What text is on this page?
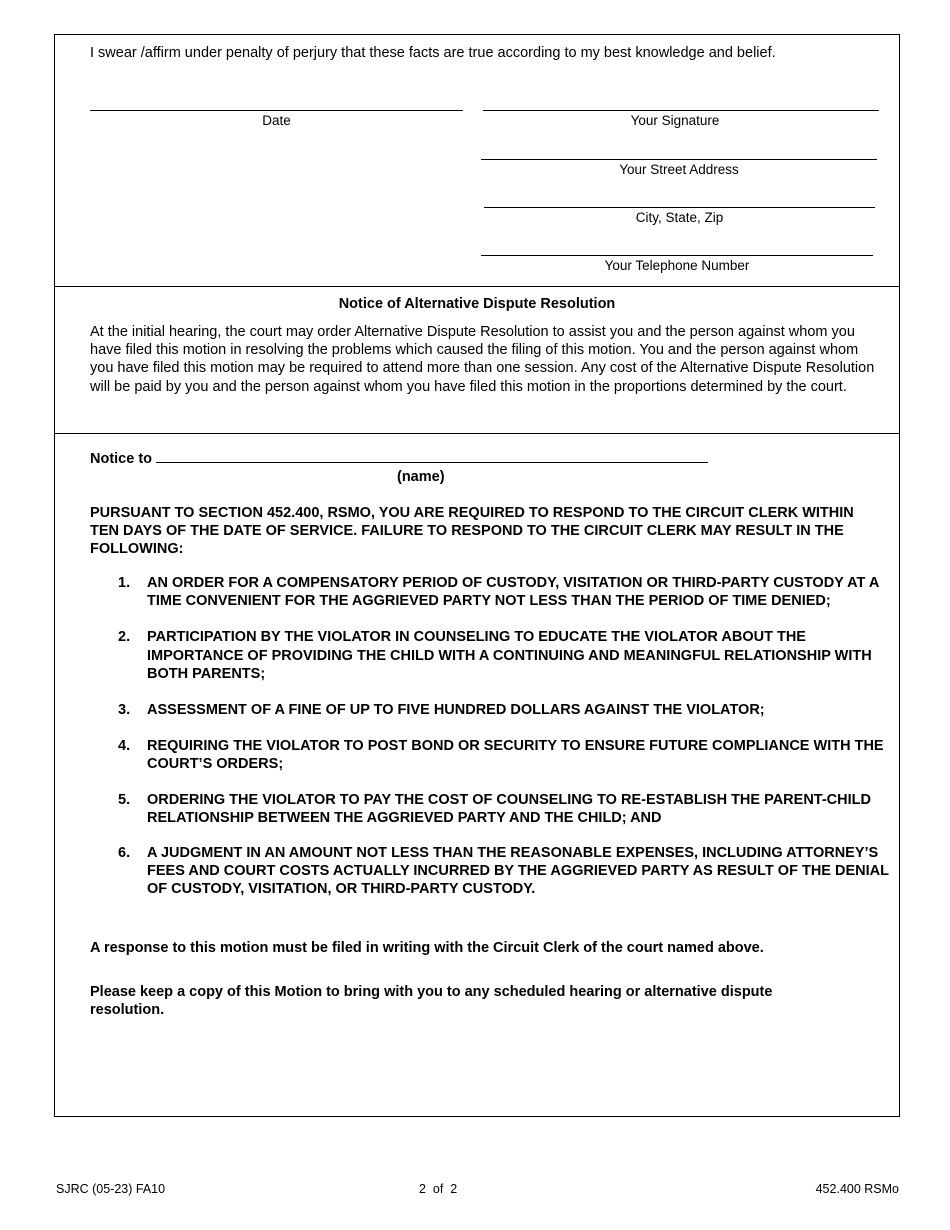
I swear /affirm under penalty of perjury that these facts are true according to my best knowledge and belief.
Date	Your Signature
Your Street Address
City, State, Zip
Your Telephone Number
Notice of Alternative Dispute Resolution
At the initial hearing, the court may order Alternative Dispute Resolution to assist you and the person against whom you have filed this motion in resolving the problems which caused the filing of this motion. You and the person against whom you have filed this motion may be required to attend more than one session. Any cost of the Alternative Dispute Resolution will be paid by you and the person against whom you have filed this motion in the proportions determined by the court.
Notice to
(name)
PURSUANT TO SECTION 452.400, RSMO, YOU ARE REQUIRED TO RESPOND TO THE CIRCUIT CLERK WITHIN TEN DAYS OF THE DATE OF SERVICE. FAILURE TO RESPOND TO THE CIRCUIT CLERK MAY RESULT IN THE FOLLOWING:
1. AN ORDER FOR A COMPENSATORY PERIOD OF CUSTODY, VISITATION OR THIRD-PARTY CUSTODY AT A TIME CONVENIENT FOR THE AGGRIEVED PARTY NOT LESS THAN THE PERIOD OF TIME DENIED;
2. PARTICIPATION BY THE VIOLATOR IN COUNSELING TO EDUCATE THE VIOLATOR ABOUT THE IMPORTANCE OF PROVIDING THE CHILD WITH A CONTINUING AND MEANINGFUL RELATIONSHIP WITH BOTH PARENTS;
3. ASSESSMENT OF A FINE OF UP TO FIVE HUNDRED DOLLARS AGAINST THE VIOLATOR;
4. REQUIRING THE VIOLATOR TO POST BOND OR SECURITY TO ENSURE FUTURE COMPLIANCE WITH THE COURT’S ORDERS;
5. ORDERING THE VIOLATOR TO PAY THE COST OF COUNSELING TO RE-ESTABLISH THE PARENT-CHILD RELATIONSHIP BETWEEN THE AGGRIEVED PARTY AND THE CHILD; AND
6. A JUDGMENT IN AN AMOUNT NOT LESS THAN THE REASONABLE EXPENSES, INCLUDING ATTORNEY’S FEES AND COURT COSTS ACTUALLY INCURRED BY THE AGGRIEVED PARTY AS RESULT OF THE DENIAL OF CUSTODY, VISITATION, OR THIRD-PARTY CUSTODY.
A response to this motion must be filed in writing with the Circuit Clerk of the court named above.
Please keep a copy of this Motion to bring with you to any scheduled hearing or alternative dispute resolution.
SJRC (05-23) FA10	2  of  2	452.400 RSMo
